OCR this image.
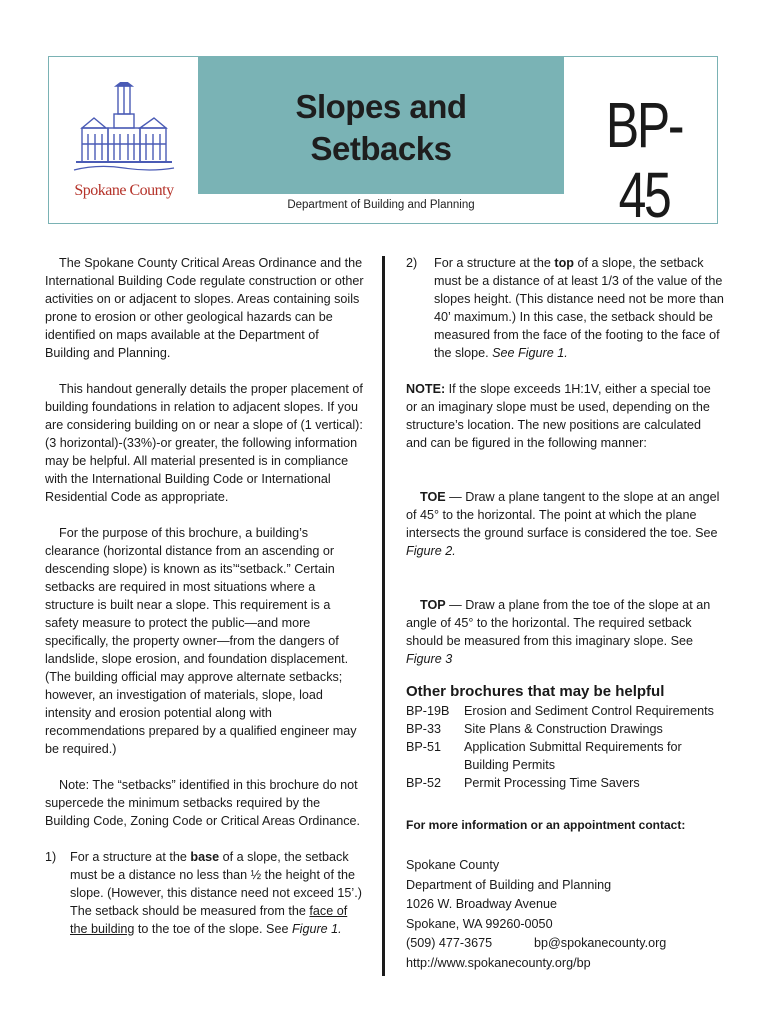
Spokane County
Slopes and
Setbacks
Department of Building and Planning
BP-45

The Spokane County Critical Areas Ordinance and the International Building Code regulate construction or other activities on or adjacent to slopes. Areas containing soils prone to erosion or other geological hazards can be identified on maps available at the Department of Building and Planning.

This handout generally details the proper placement of building foundations in relation to adjacent slopes. If you are considering building on or near a slope of (1 vertical):(3 horizontal)-(33%)-or greater, the following information may be helpful. All material presented is in compliance with the International Building Code or International Residential Code as appropriate.

For the purpose of this brochure, a building’s clearance (horizontal distance from an ascending or descending slope) is known as its’“setback.” Certain setbacks are required in most situations where a structure is built near a slope. This requirement is a safety measure to protect the public—and more specifically, the property owner—from the dangers of landslide, slope erosion, and foundation displacement. (The building official may approve alternate setbacks; however, an investigation of materials, slope, load intensity and erosion potential along with recommendations prepared by a qualified engineer may be required.)

Note: The “setbacks” identified in this brochure do not supercede the minimum setbacks required by the Building Code, Zoning Code or Critical Areas Ordinance.

1) For a structure at the base of a slope, the setback must be a distance no less than ½ the height of the slope. (However, this distance need not exceed 15’.) The setback should be measured from the face of the building to the toe of the slope. See Figure 1.

2)	For a structure at the top of a slope, the setback must be a distance of at least 1/3 of the value of the slopes height. (This distance need not be more than 40’ maximum.) In this case, the setback should be measured from the face of the footing to the face of the slope. See Figure 1.

NOTE: If the slope exceeds 1H:1V, either a special toe or an imaginary slope must be used, depending on the structure’s location. The new positions are calculated and can be figured in the following manner:

TOE — Draw a plane tangent to the slope at an angel of 45° to the horizontal. The point at which the plane intersects the ground surface is considered the toe. See Figure 2.

TOP — Draw a plane from the toe of the slope at an angle of 45° to the horizontal. The required setback should be measured from this imaginary slope. See Figure 3

Other brochures that may be helpful
BP-19B	Erosion and Sediment Control Requirements
BP-33	Site Plans & Construction Drawings
BP-51	Application Submittal Requirements for Building Permits
BP-52	Permit Processing Time Savers
For more information or an appointment contact:
Spokane County
Department of Building and Planning
1026 W. Broadway Avenue
Spokane, WA 99260-0050
(509) 477-3675	bp@spokanecounty.org
http://www.spokanecounty.org/bp
